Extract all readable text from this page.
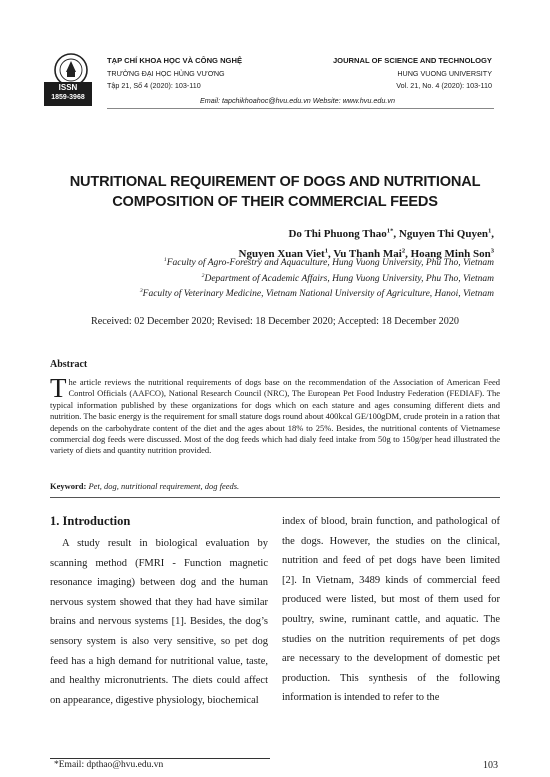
ISSN
1859-3968
TẠP CHÍ KHOA HỌC VÀ CÔNG NGHỆ
TRƯỜNG ĐẠI HỌC HÙNG VƯƠNG
Tập 21, Số 4 (2020): 103-110
JOURNAL OF SCIENCE AND TECHNOLOGY
HUNG VUONG UNIVERSITY
Vol. 21, No. 4 (2020): 103-110
Email: tapchikhoahoc@hvu.edu.vn Website: www.hvu.edu.vn
NUTRITIONAL REQUIREMENT OF DOGS AND NUTRITIONAL COMPOSITION OF THEIR COMMERCIAL FEEDS
Do Thi Phuong Thao$^{1*}$, Nguyen Thi Quyen$^1$,
Nguyen Xuan Viet$^1$, Vu Thanh Mai$^2$, Hoang Minh Son$^3$
$^1$Faculty of Agro-Forestry and Aquaculture, Hung Vuong University, Phu Tho, Vietnam
$^2$Department of Academic Affairs, Hung Vuong University, Phu Tho, Vietnam
$^3$Faculty of Veterinary Medicine, Vietnam National University of Agriculture, Hanoi, Vietnam
Received: 02 December 2020; Revised: 18 December 2020; Accepted: 18 December 2020
Abstract
The article reviews the nutritional requirements of dogs base on the recommendation of the Association of American Feed Control Officials (AAFCO), National Research Council (NRC), The European Pet Food Industry Federation (FEDIAF). The typical information published by these organizations for dogs which on each stature and ages consuming different diets and nutrition. The basic energy is the requirement for small stature dogs round about 400kcal GE/100gDM, crude protein in a ration that depends on the carbohydrate content of the diet and the ages about 18% to 25%. Besides, the nutritional contents of Vietnamese commercial dog feeds were discussed. Most of the dog feeds which had dialy feed intake from 50g to 150g/per head illustrated the variety of diets and quantity nutrition provided.
Keyword: Pet, dog, nutritional requirement, dog feeds.
1. Introduction
A study result in biological evaluation by scanning method (FMRI - Function magnetic resonance imaging) between dog and the human nervous system showed that they had have similar brains and nervous systems [1]. Besides, the dog’s sensory system is also very sensitive, so pet dog feed has a high demand for nutritional value, taste, and healthy micronutrients. The diets could affect on appearance, digestive physiology, biochemical
index of blood, brain function, and pathological of the dogs. However, the studies on the clinical, nutrition and feed of pet dogs have been limited [2]. In Vietnam, 3489 kinds of commercial feed produced were listed, but most of them used for poultry, swine, ruminant cattle, and aquatic. The studies on the nutrition requirements of pet dogs are necessary to the development of domestic pet production. This synthesis of the following information is intended to refer to the
*Email: dpthao@hvu.edu.vn	103
